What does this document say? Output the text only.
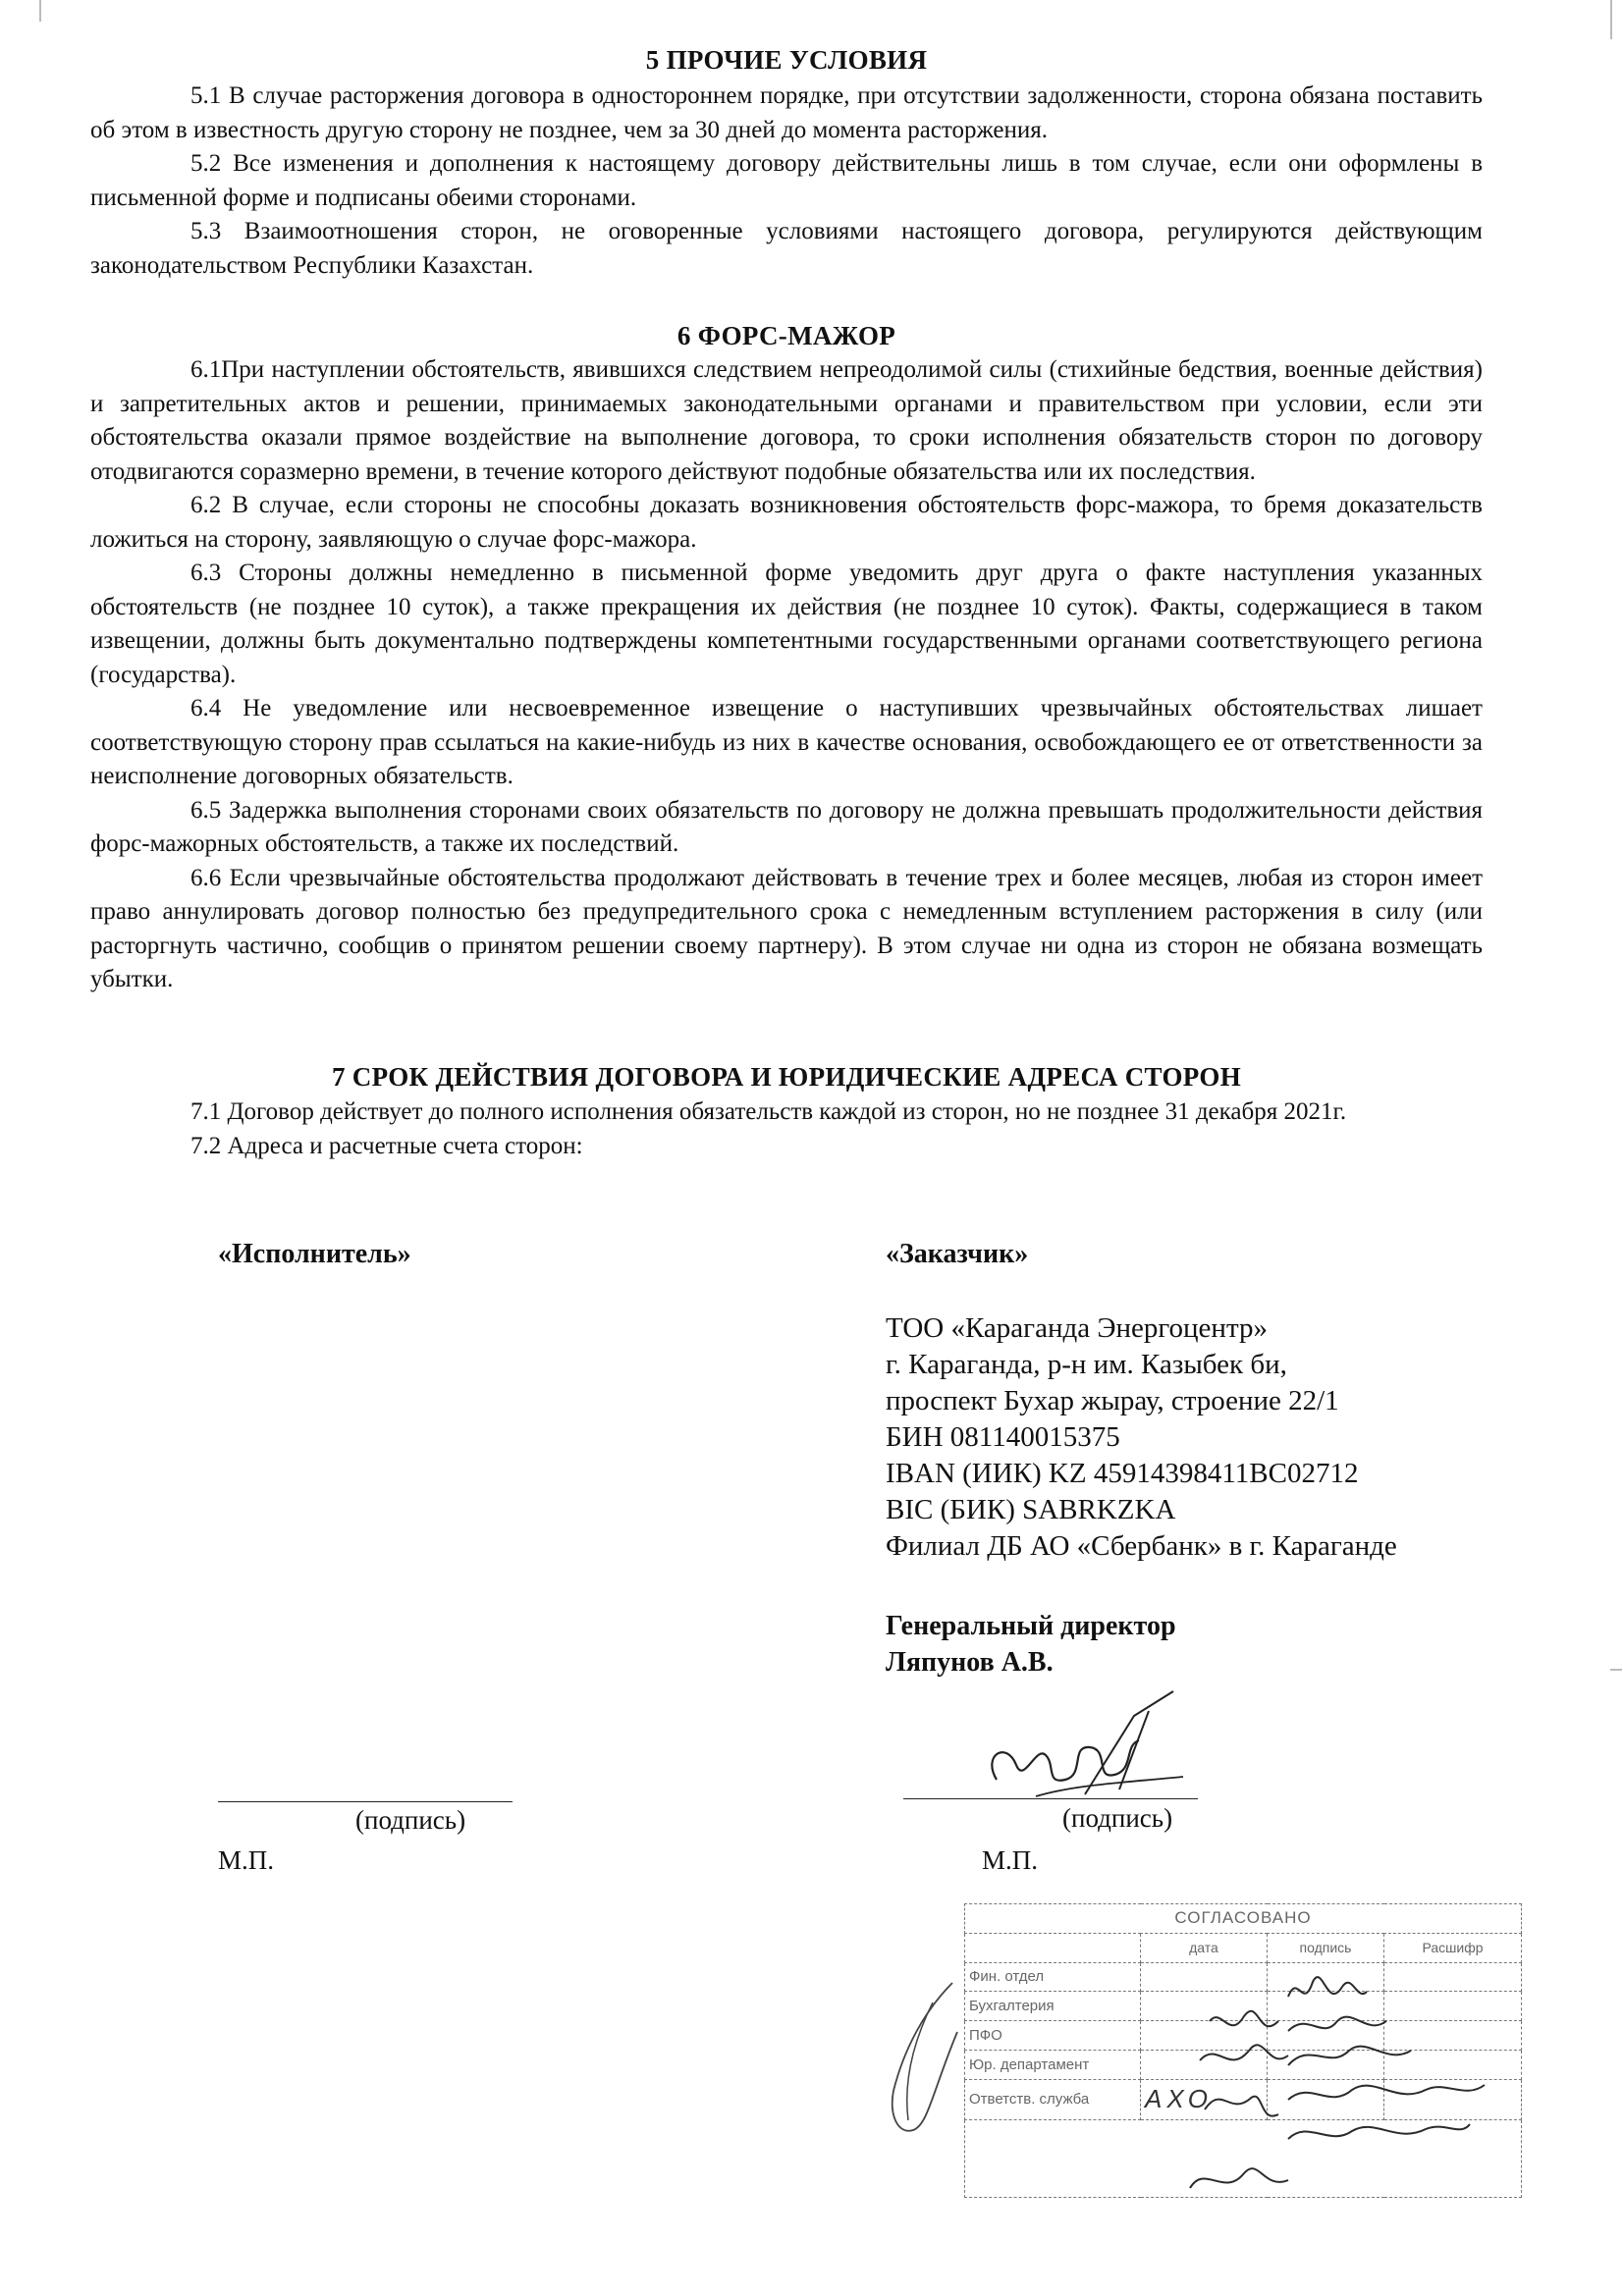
5 ПРОЧИЕ УСЛОВИЯ

5.1 В случае расторжения договора в одностороннем порядке, при отсутствии задолженности, сторона обязана поставить об этом в известность другую сторону не позднее, чем за 30 дней до момента расторжения.

5.2 Все изменения и дополнения к настоящему договору действительны лишь в том случае, если они оформлены в письменной форме и подписаны обеими сторонами.

5.3 Взаимоотношения сторон, не оговоренные условиями настоящего договора, регулируются действующим законодательством Республики Казахстан.

6 ФОРС-МАЖОР

6.1При наступлении обстоятельств, явившихся следствием непреодолимой силы (стихийные бедствия, военные действия) и запретительных актов и решении, принимаемых законодательными органами и правительством при условии, если эти обстоятельства оказали прямое воздействие на выполнение договора, то сроки исполнения обязательств сторон по договору отодвигаются соразмерно времени, в течение которого действуют подобные обязательства или их последствия.

6.2 В случае, если стороны не способны доказать возникновения обстоятельств форс-мажора, то бремя доказательств ложиться на сторону, заявляющую о случае форс-мажора.

6.3 Стороны должны немедленно в письменной форме уведомить друг друга о факте наступления указанных обстоятельств (не позднее 10 суток), а также прекращения их действия (не позднее 10 суток). Факты, содержащиеся в таком извещении, должны быть документально подтверждены компетентными государственными органами соответствующего региона (государства).

6.4 Не уведомление или несвоевременное извещение о наступивших чрезвычайных обстоятельствах лишает соответствующую сторону прав ссылаться на какие-нибудь из них в качестве основания, освобождающего ее от ответственности за неисполнение договорных обязательств.

6.5 Задержка выполнения сторонами своих обязательств по договору не должна превышать продолжительности действия форс-мажорных обстоятельств, а также их последствий.

6.6 Если чрезвычайные обстоятельства продолжают действовать в течение трех и более месяцев, любая из сторон имеет право аннулировать договор полностью без предупредительного срока с немедленным вступлением расторжения в силу (или расторгнуть частично, сообщив о принятом решении своему партнеру). В этом случае ни одна из сторон не обязана возмещать убытки.

7 СРОК ДЕЙСТВИЯ ДОГОВОРА И ЮРИДИЧЕСКИЕ АДРЕСА СТОРОН

7.1 Договор действует до полного исполнения обязательств каждой из сторон, но не позднее 31 декабря 2021г.

7.2 Адреса и расчетные счета сторон:

«Исполнитель»	«Заказчик»
ТОО «Караганда Энергоцентр»
г. Караганда, р-н им. Казыбек би,
проспект Бухар жырау, строение 22/1
БИН 081140015375
IBAN (ИИК) KZ 45914398411BC02712
BIC (БИК) SABRKZKA
Филиал ДБ АО «Сбербанк» в г. Караганде
Генеральный директор
Ляпунов А.В.
(подпись)
М.П.
(подпись)
М.П.
СОГЛАСОВАНО			
	дата	подпись	Расшифр
Фин. отдел			
Бухгалтерия			
ПФО			
Юр. департамент			
Ответств. служба	АХО		
